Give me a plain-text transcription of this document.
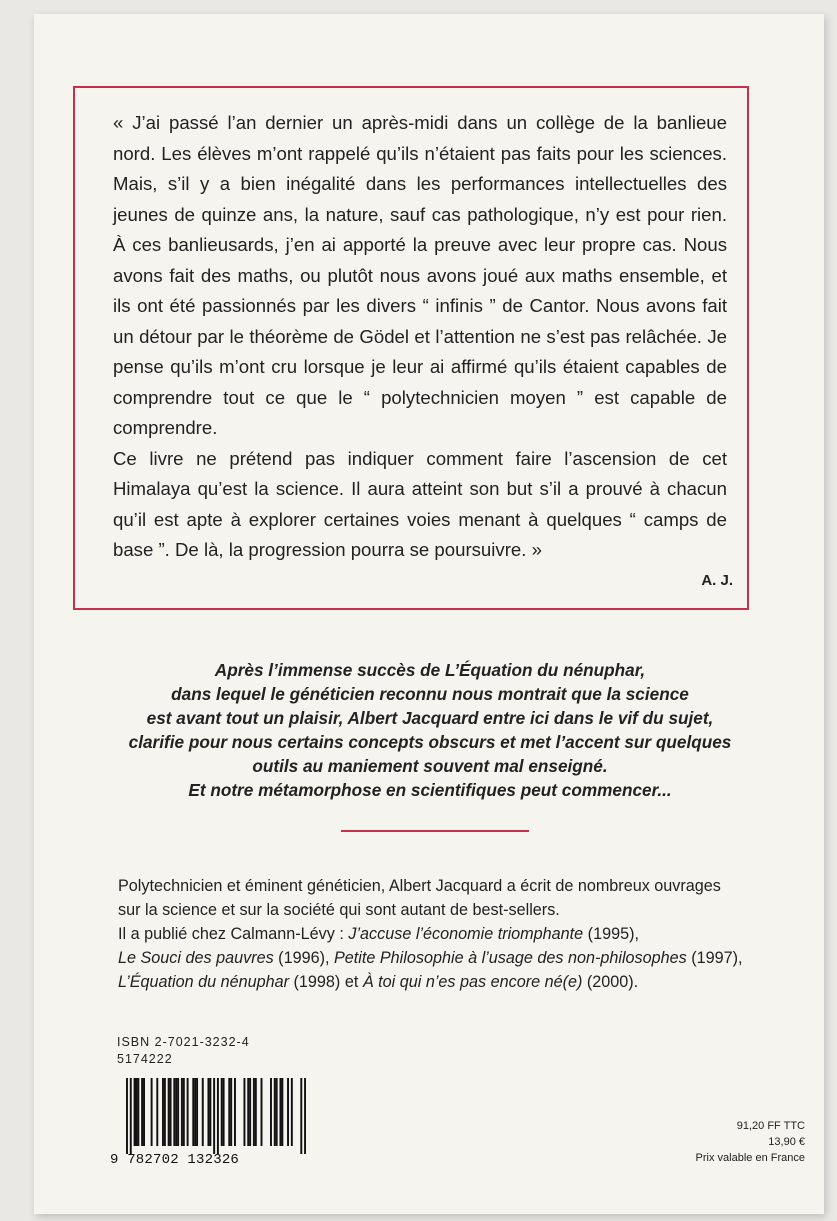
« J’ai passé l’an dernier un après-midi dans un collège de la banlieue nord. Les élèves m’ont rappelé qu’ils n’étaient pas faits pour les sciences. Mais, s’il y a bien inégalité dans les performances intellectuelles des jeunes de quinze ans, la nature, sauf cas pathologique, n’y est pour rien. À ces banlieusards, j’en ai apporté la preuve avec leur propre cas. Nous avons fait des maths, ou plutôt nous avons joué aux maths ensemble, et ils ont été passionnés par les divers “ infinis ” de Cantor. Nous avons fait un détour par le théorème de Gödel et l’attention ne s’est pas relâchée. Je pense qu’ils m’ont cru lorsque je leur ai affirmé qu’ils étaient capables de comprendre tout ce que le “ polytechnicien moyen ” est capable de comprendre.

Ce livre ne prétend pas indiquer comment faire l’ascension de cet Himalaya qu’est la science. Il aura atteint son but s’il a prouvé à chacun qu’il est apte à explorer certaines voies menant à quelques “ camps de base ”. De là, la progression pourra se poursuivre. »

A. J.
Après l’immense succès de L’Équation du nénuphar,
dans lequel le généticien reconnu nous montrait que la science
est avant tout un plaisir, Albert Jacquard entre ici dans le vif du sujet,
clarifie pour nous certains concepts obscurs et met l’accent sur quelques
outils au maniement souvent mal enseigné.
Et notre métamorphose en scientifiques peut commencer...
Polytechnicien et éminent généticien, Albert Jacquard a écrit de nombreux ouvrages
sur la science et sur la société qui sont autant de best-sellers.
Il a publié chez Calmann-Lévy : J’accuse l’économie triomphante (1995),
Le Souci des pauvres (1996), Petite Philosophie à l’usage des non-philosophes (1997),
L’Équation du nénuphar (1998) et À toi qui n’es pas encore né(e) (2000).
ISBN 2-7021-3232-4
5174222
9 782702 132326
91,20 FF TTC
13,90 €
Prix valable en France
